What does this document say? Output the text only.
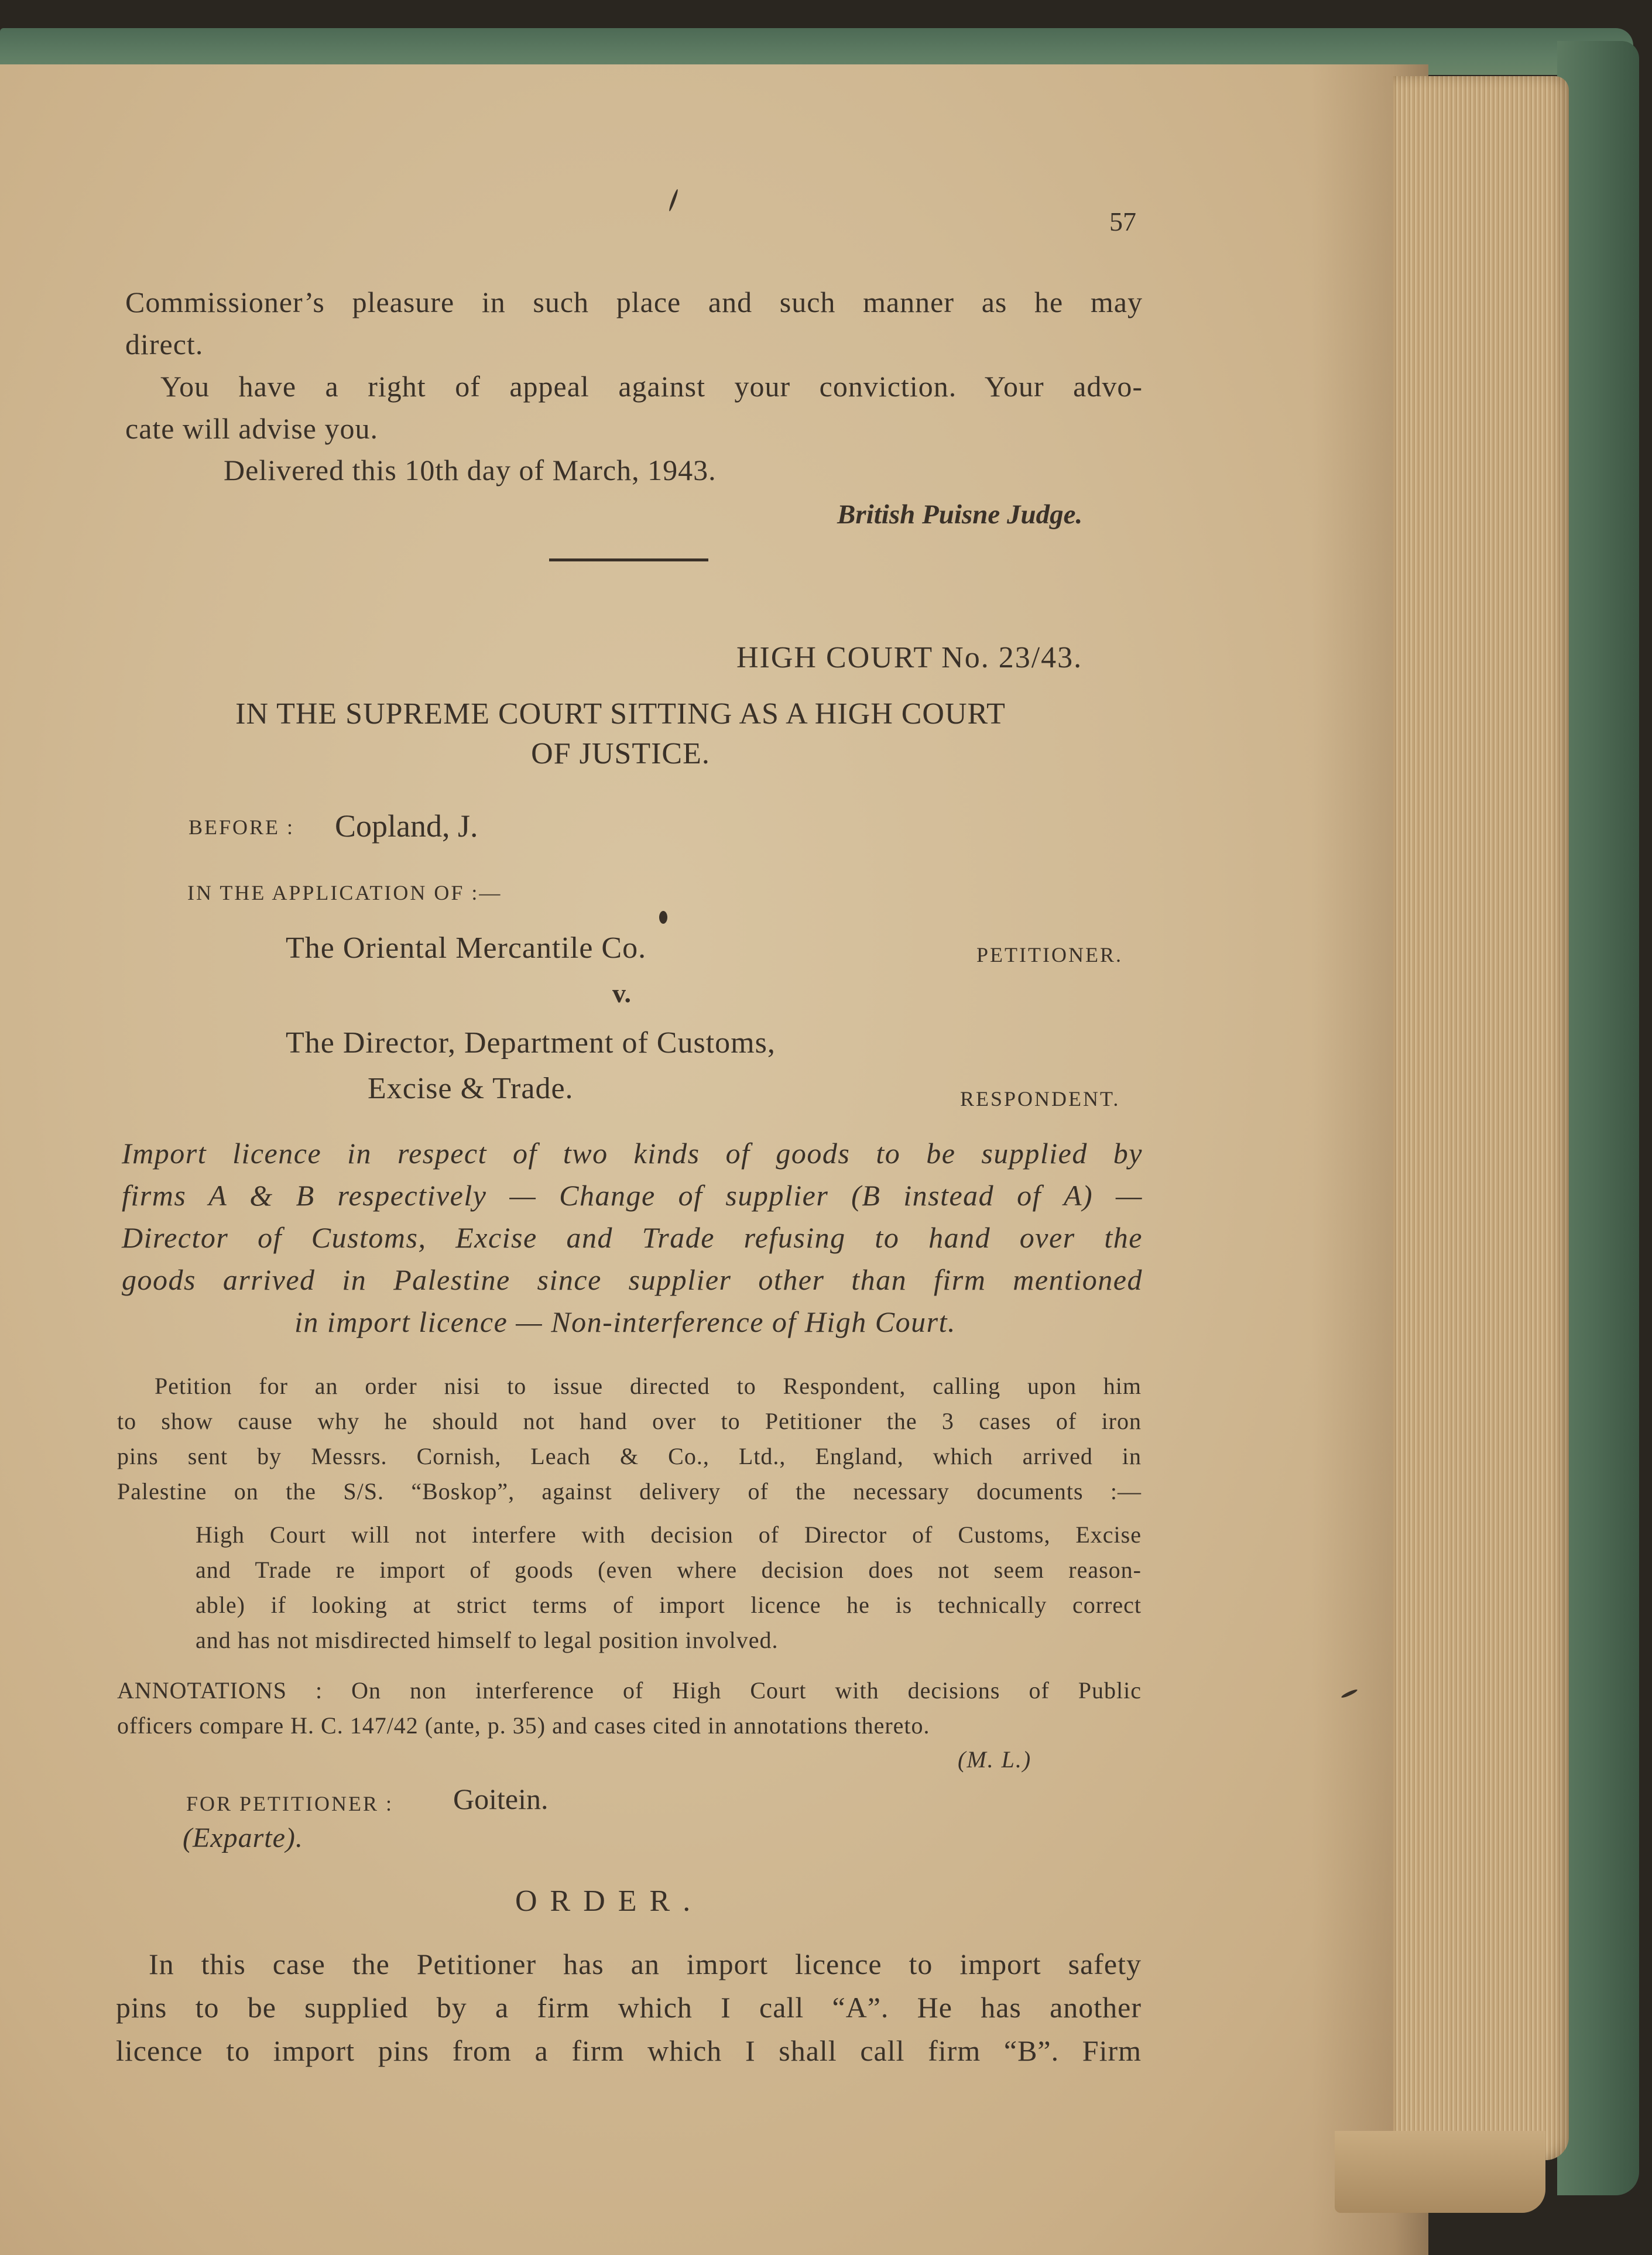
57
Commissioner’s pleasure in such place and such manner as he may
direct.
You have a right of appeal against your conviction. Your advo-
cate will advise you.
Delivered this 10th day of March, 1943.
British Puisne Judge.
HIGH COURT No. 23/43.
IN THE SUPREME COURT SITTING AS A HIGH COURT
OF JUSTICE.
BEFORE : Copland, J.
IN THE APPLICATION OF :—
The Oriental Mercantile Co.	PETITIONER.
v.
The Director, Department of Customs,
Excise & Trade.	RESPONDENT.
Import licence in respect of two kinds of goods to be supplied by
firms A & B respectively — Change of supplier (B instead of A) —
Director of Customs, Excise and Trade refusing to hand over the
goods arrived in Palestine since supplier other than firm mentioned
in import licence — Non-interference of High Court.
Petition for an order nisi to issue directed to Respondent, calling upon him
to show cause why he should not hand over to Petitioner the 3 cases of iron
pins sent by Messrs. Cornish, Leach & Co., Ltd., England, which arrived in
Palestine on the S/S. “Boskop”, against delivery of the necessary documents :—
High Court will not interfere with decision of Director of Customs, Excise
and Trade re import of goods (even where decision does not seem reason-
able) if looking at strict terms of import licence he is technically correct
and has not misdirected himself to legal position involved.
ANNOTATIONS : On non interference of High Court with decisions of Public
officers compare H. C. 147/42 (ante, p. 35) and cases cited in annotations thereto.
(M. L.)
FOR PETITIONER : Goitein.
(Exparte).
ORDER.
In this case the Petitioner has an import licence to import safety
pins to be supplied by a firm which I call “A”. He has another
licence to import pins from a firm which I shall call firm “B”. Firm
